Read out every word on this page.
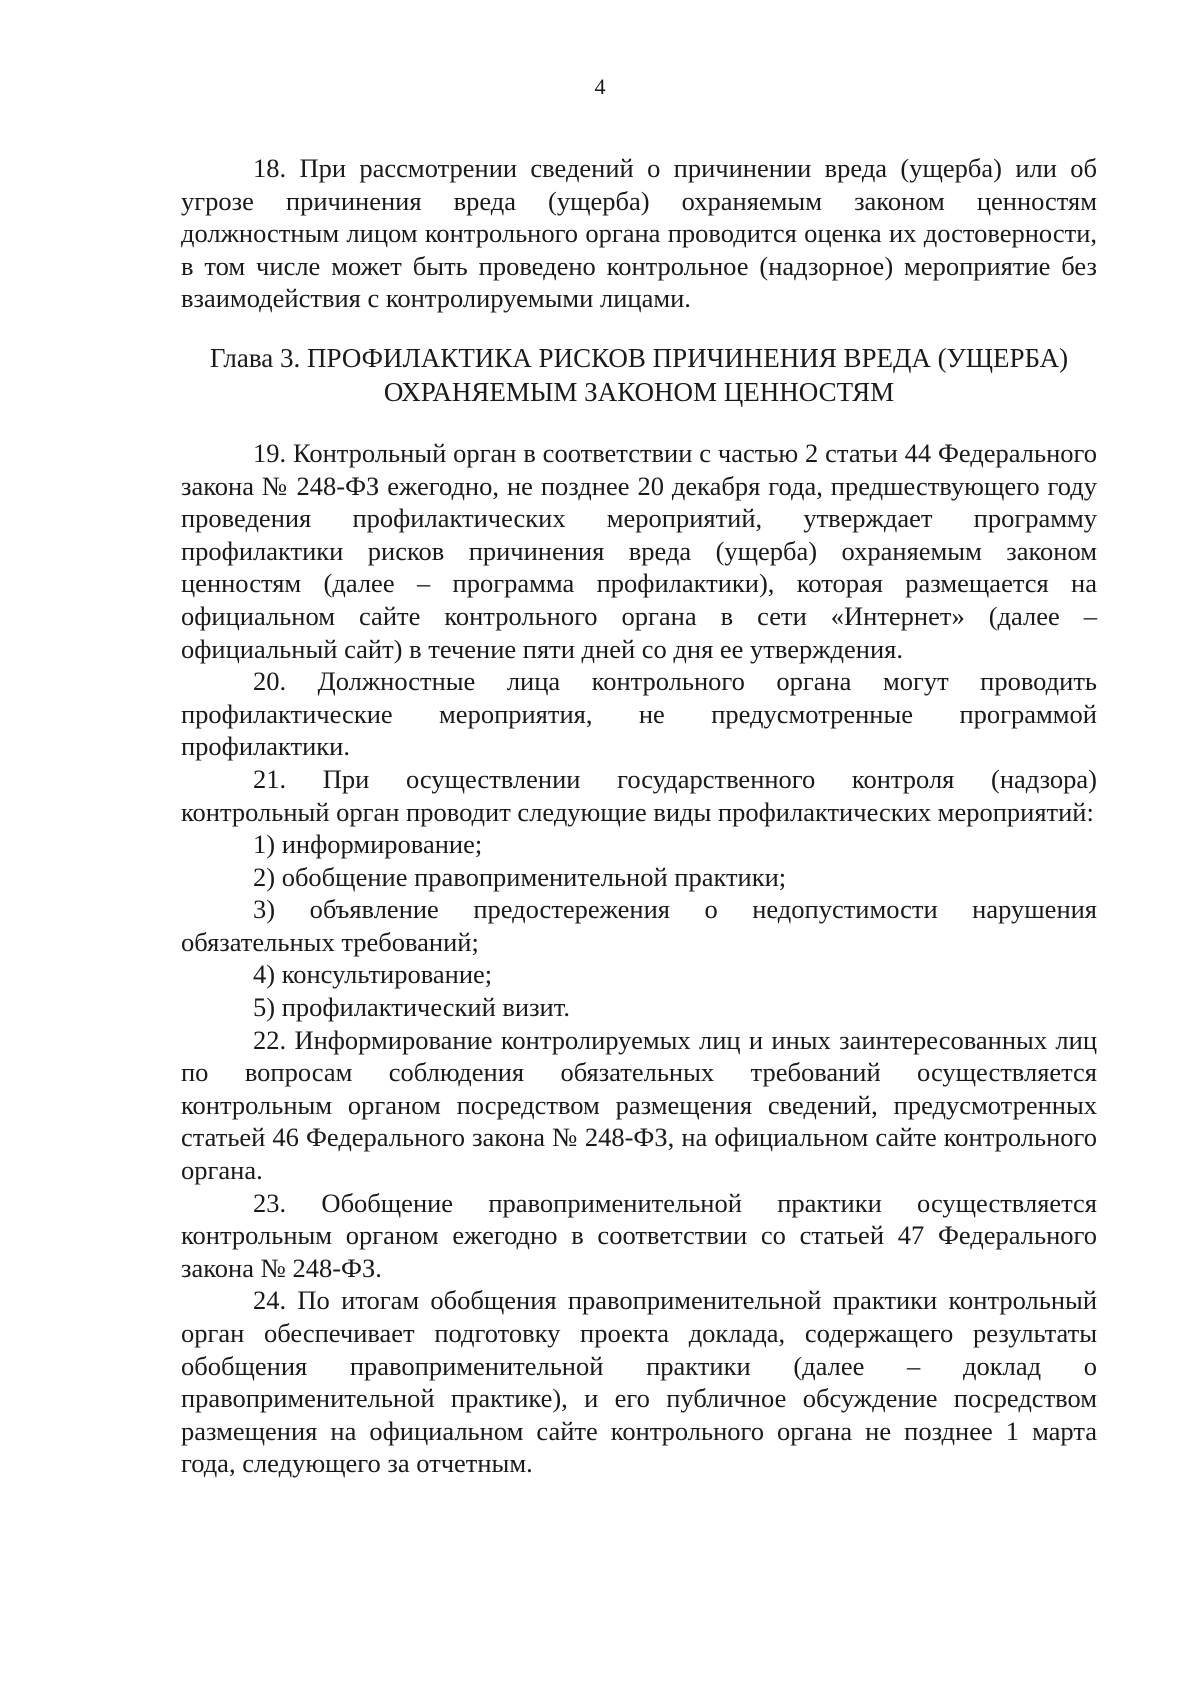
4

18. При рассмотрении сведений о причинении вреда (ущерба) или об угрозе причинения вреда (ущерба) охраняемым законом ценностям должностным лицом контрольного органа проводится оценка их достоверности, в том числе может быть проведено контрольное (надзорное) мероприятие без взаимодействия с контролируемыми лицами.

Глава 3. ПРОФИЛАКТИКА РИСКОВ ПРИЧИНЕНИЯ ВРЕДА (УЩЕРБА)
ОХРАНЯЕМЫМ ЗАКОНОМ ЦЕННОСТЯМ

19. Контрольный орган в соответствии с частью 2 статьи 44 Федерального закона № 248-ФЗ ежегодно, не позднее 20 декабря года, предшествующего году проведения профилактических мероприятий, утверждает программу профилактики рисков причинения вреда (ущерба) охраняемым законом ценностям (далее – программа профилактики), которая размещается на официальном сайте контрольного органа в сети «Интернет» (далее – официальный сайт) в течение пяти дней со дня ее утверждения.

20. Должностные лица контрольного органа могут проводить профилактические мероприятия, не предусмотренные программой профилактики.

21. При осуществлении государственного контроля (надзора) контрольный орган проводит следующие виды профилактических мероприятий:

1) информирование;

2) обобщение правоприменительной практики;

3) объявление предостережения о недопустимости нарушения обязательных требований;

4) консультирование;

5) профилактический визит.

22. Информирование контролируемых лиц и иных заинтересованных лиц по вопросам соблюдения обязательных требований осуществляется контрольным органом посредством размещения сведений, предусмотренных статьей 46 Федерального закона № 248-ФЗ, на официальном сайте контрольного органа.

23. Обобщение правоприменительной практики осуществляется контрольным органом ежегодно в соответствии со статьей 47 Федерального закона № 248-ФЗ.

24. По итогам обобщения правоприменительной практики контрольный орган обеспечивает подготовку проекта доклада, содержащего результаты обобщения правоприменительной практики (далее – доклад о правоприменительной практике), и его публичное обсуждение посредством размещения на официальном сайте контрольного органа не позднее 1 марта года, следующего за отчетным.
